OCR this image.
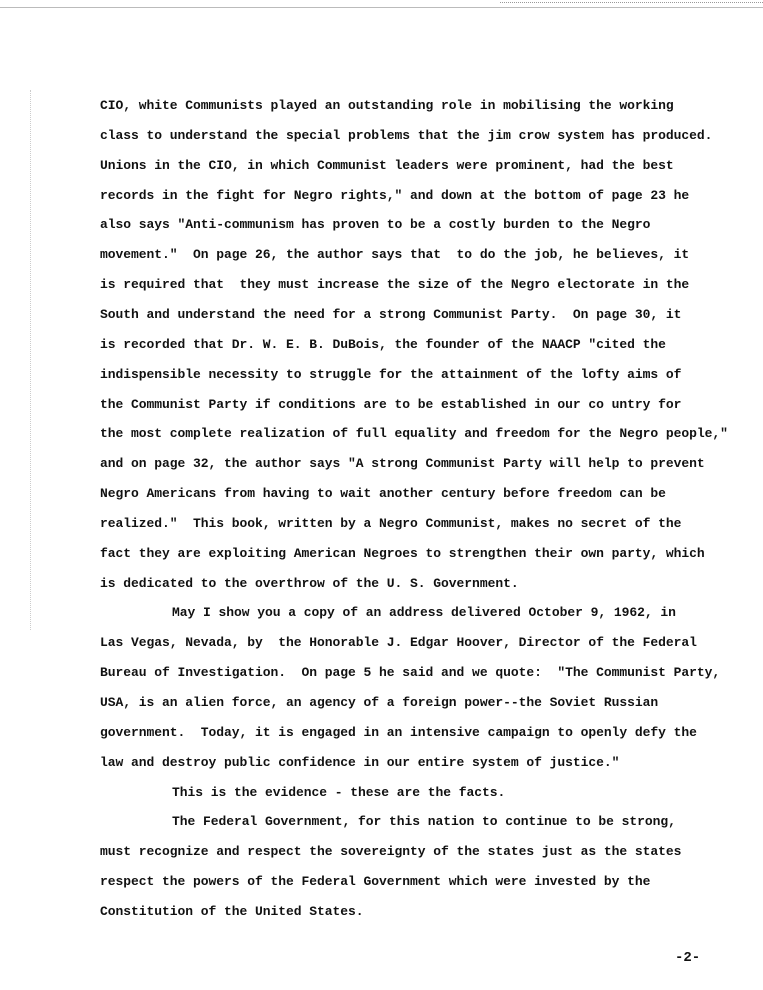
CIO, white Communists played an outstanding role in mobilising the working
class to understand the special problems that the jim crow system has produced.
Unions in the CIO, in which Communist leaders were prominent, had the best
records in the fight for Negro rights," and down at the bottom of page 23 he
also says "Anti-communism has proven to be a costly burden to the Negro
movement."  On page 26, the author says that  to do the job, he believes, it
is required that  they must increase the size of the Negro electorate in the
South and understand the need for a strong Communist Party.  On page 30, it
is recorded that Dr. W. E. B. DuBois, the founder of the NAACP "cited the
indispensible necessity to struggle for the attainment of the lofty aims of
the Communist Party if conditions are to be established in our co untry for
the most complete realization of full equality and freedom for the Negro people,"
and on page 32, the author says "A strong Communist Party will help to prevent
Negro Americans from having to wait another century before freedom can be
realized."  This book, written by a Negro Communist, makes no secret of the
fact they are exploiting American Negroes to strengthen their own party, which
is dedicated to the overthrow of the U. S. Government.
May I show you a copy of an address delivered October 9, 1962, in
Las Vegas, Nevada, by  the Honorable J. Edgar Hoover, Director of the Federal
Bureau of Investigation.  On page 5 he said and we quote:  "The Communist Party,
USA, is an alien force, an agency of a foreign power--the Soviet Russian
government.  Today, it is engaged in an intensive campaign to openly defy the
law and destroy public confidence in our entire system of justice."
This is the evidence - these are the facts.
The Federal Government, for this nation to continue to be strong,
must recognize and respect the sovereignty of the states just as the states
respect the powers of the Federal Government which were invested by the
Constitution of the United States.
-2-
